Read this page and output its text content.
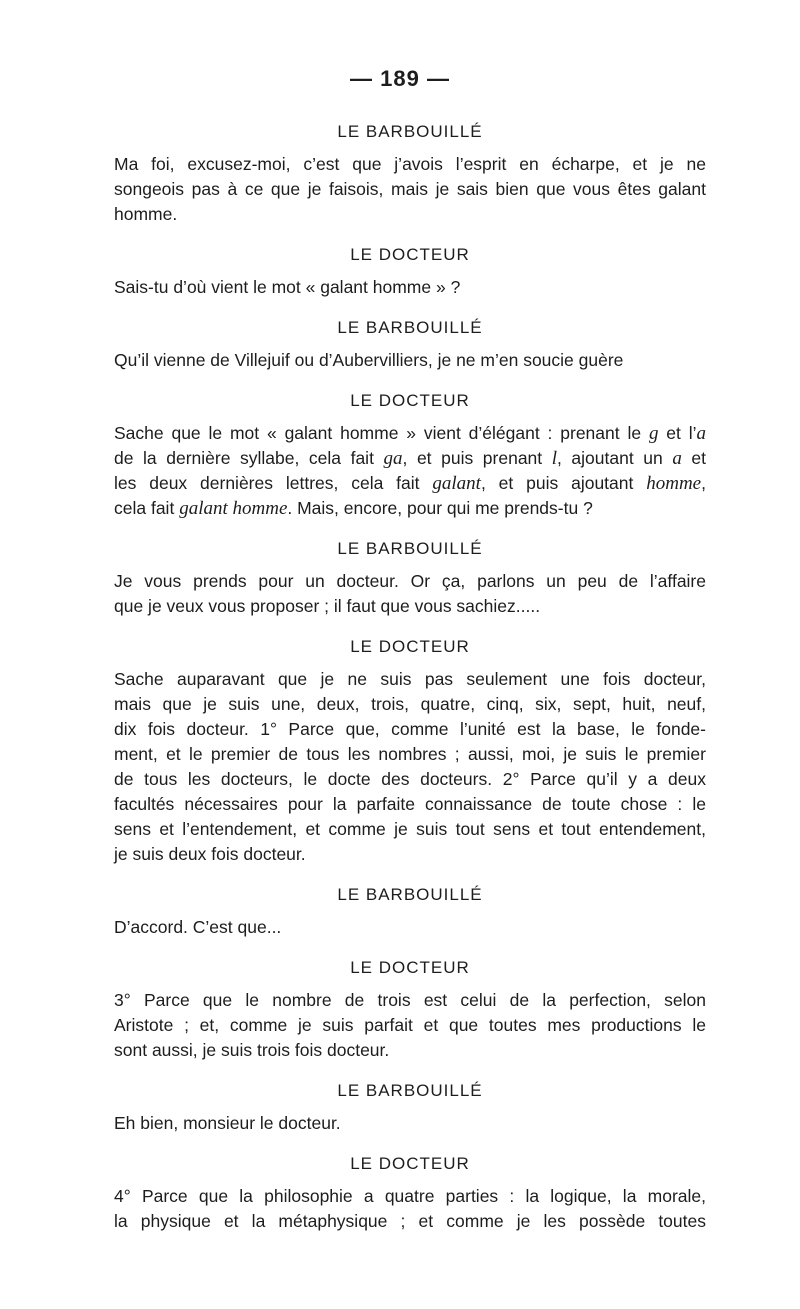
— 189 —
LE BARBOUILLÉ
Ma foi, excusez-moi, c’est que j’avois l’esprit en écharpe, et je ne
songeois pas à ce que je faisois, mais je sais bien que vous êtes galant
homme.
LE DOCTEUR
Sais-tu d’où vient le mot « galant homme » ?
LE BARBOUILLÉ
Qu’il vienne de Villejuif ou d’Aubervilliers, je ne m’en soucie guère
LE DOCTEUR
Sache que le mot « galant homme » vient d’élégant : prenant le g et l’a
de la dernière syllabe, cela fait ga, et puis prenant l, ajoutant un a et
les deux dernières lettres, cela fait galant, et puis ajoutant homme,
cela fait galant homme. Mais, encore, pour qui me prends-tu ?
LE BARBOUILLÉ
Je vous prends pour un docteur. Or ça, parlons un peu de l’affaire
que je veux vous proposer ; il faut que vous sachiez.....
LE DOCTEUR
Sache auparavant que je ne suis pas seulement une fois docteur,
mais que je suis une, deux, trois, quatre, cinq, six, sept, huit, neuf,
dix fois docteur. 1° Parce que, comme l’unité est la base, le fonde-
ment, et le premier de tous les nombres ; aussi, moi, je suis le premier
de tous les docteurs, le docte des docteurs. 2° Parce qu’il y a deux
facultés nécessaires pour la parfaite connaissance de toute chose : le
sens et l’entendement, et comme je suis tout sens et tout entendement,
je suis deux fois docteur.
LE BARBOUILLÉ
D’accord. C’est que...
LE DOCTEUR
3° Parce que le nombre de trois est celui de la perfection, selon
Aristote ; et, comme je suis parfait et que toutes mes productions le
sont aussi, je suis trois fois docteur.
LE BARBOUILLÉ
Eh bien, monsieur le docteur.
LE DOCTEUR
4° Parce que la philosophie a quatre parties : la logique, la morale,
la physique et la métaphysique ; et comme je les possède toutes
